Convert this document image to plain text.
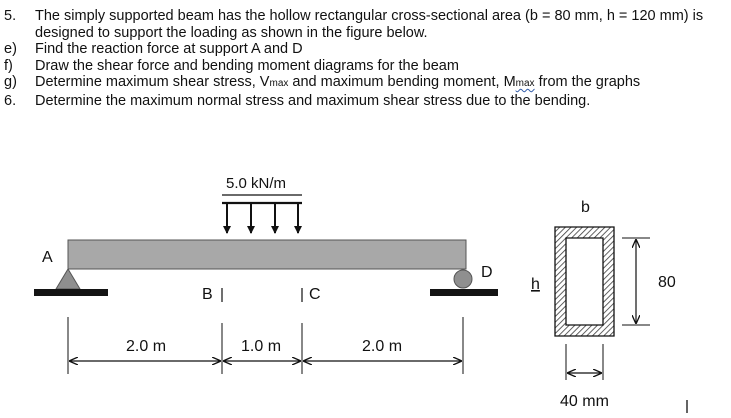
5.	The simply supported beam has the hollow rectangular cross-sectional area (b = 80 mm, h = 120 mm) is
designed to support the loading as shown in the figure below.
e)	Find the reaction force at support A and D
f)	Draw the shear force and bending moment diagrams for the beam
g)	Determine maximum shear stress, Vmax and maximum bending moment, Mmax from the graphs
6.	Determine the maximum normal stress and maximum shear stress due to the bending.
5.0 kN/m
A
D
B	C
2.0 m	1.0 m	2.0 m
b
h	80
40 mm
